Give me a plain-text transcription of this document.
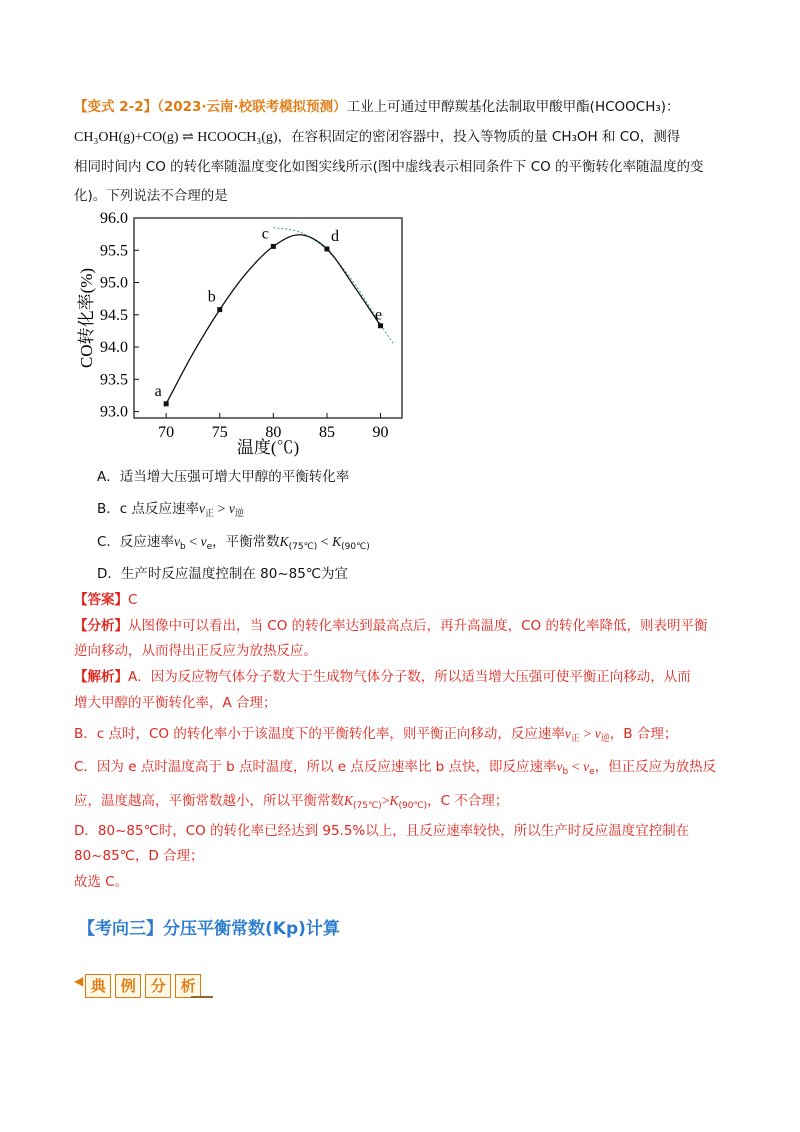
【变式 2-2】（2023·云南·校联考模拟预测）工业上可通过甲醇羰基化法制取甲酸甲酯(HCOOCH₃)：
CH₃OH(g)+CO(g) ⇌ HCOOCH₃(g)，在容积固定的密闭容器中，投入等物质的量 CH₃OH 和 CO，测得
相同时间内 CO 的转化率随温度变化如图实线所示(图中虚线表示相同条件下 CO 的平衡转化率随温度的变
化)。下列说法不合理的是
93.0
93.5
94.0
94.5
95.0
95.5
96.0
70 75 80 85 90
a
b
c	d
e
温度(℃)
CO转化率(%)
A．适当增大压强可增大甲醇的平衡转化率
B．c 点反应速率$v_正 > v_逆$
C．反应速率$v_b < v_e$，平衡常数$K_{(75℃)} < K_{(90℃)}$
D．生产时反应温度控制在 80~85℃为宜
【答案】C
【分析】从图像中可以看出，当 CO 的转化率达到最高点后，再升高温度，CO 的转化率降低，则表明平衡
逆向移动，从而得出正反应为放热反应。
【解析】A．因为反应物气体分子数大于生成物气体分子数，所以适当增大压强可使平衡正向移动，从而
增大甲醇的平衡转化率，A 合理；
B．c 点时，CO 的转化率小于该温度下的平衡转化率，则平衡正向移动，反应速率$v_正 > v_逆$，B 合理；
C．因为 e 点时温度高于 b 点时温度，所以 e 点反应速率比 b 点快，即反应速率$v_b < v_e$，但正反应为放热反
应，温度越高，平衡常数越小，所以平衡常数$K_{(75℃)}>K_{(90℃)}$，C 不合理；
D．80~85℃时，CO 的转化率已经达到 95.5%以上，且反应速率较快，所以生产时反应温度宜控制在
80~85℃，D 合理；
故选 C。
【考向三】分压平衡常数(Kp)计算
◀ 典 例 分 析
